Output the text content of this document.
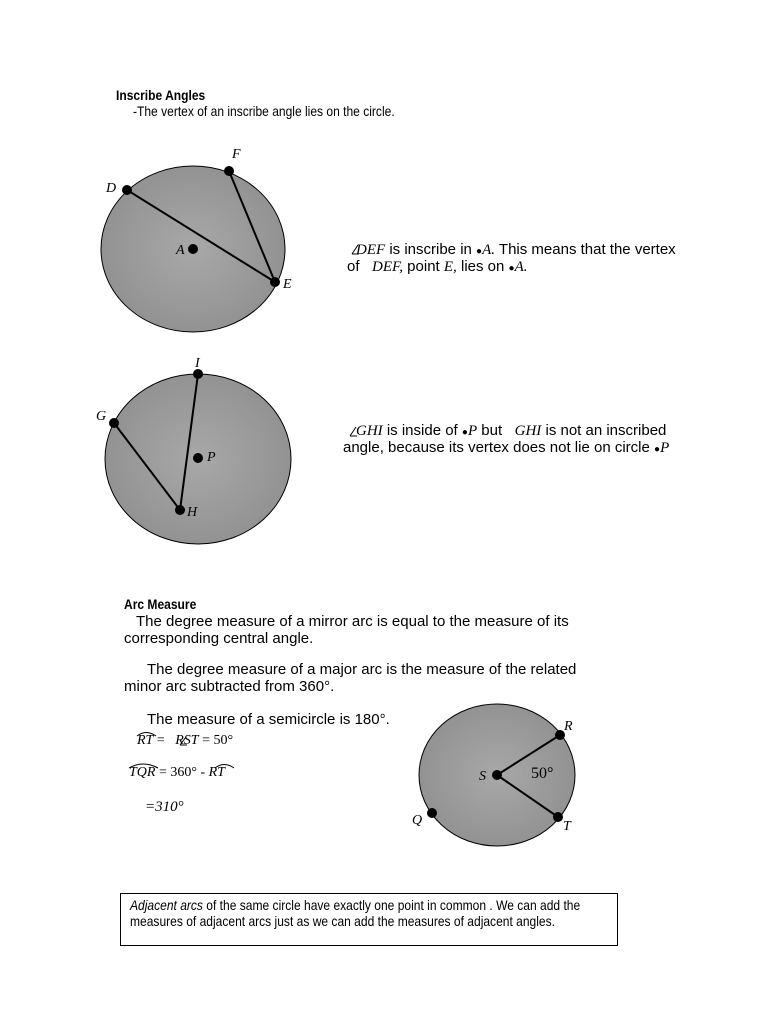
Inscribe Angles
-The vertex of an inscribe angle lies on the circle.
F
D
A
E
I
G
P
H
R
S
Q	T
50°
DEF is inscribe in ●A. This means that the vertex
of DEF, point E, lies on ●A.
GHI is inside of ●P but   GHI is not an inscribed
angle, because its vertex does not lie on circle ●P
Arc Measure
The degree measure of a mirror arc is equal to the measure of its
corresponding central angle.
The degree measure of a major arc is the measure of the related
minor arc subtracted from 360°.
The measure of a semicircle is 180°.
RT =   RST = 50°
TQR = 360° - RT
=310°
Adjacent arcs of the same circle have exactly one point in common . We can add the measures of adjacent arcs just as we can add the measures of adjacent angles.
